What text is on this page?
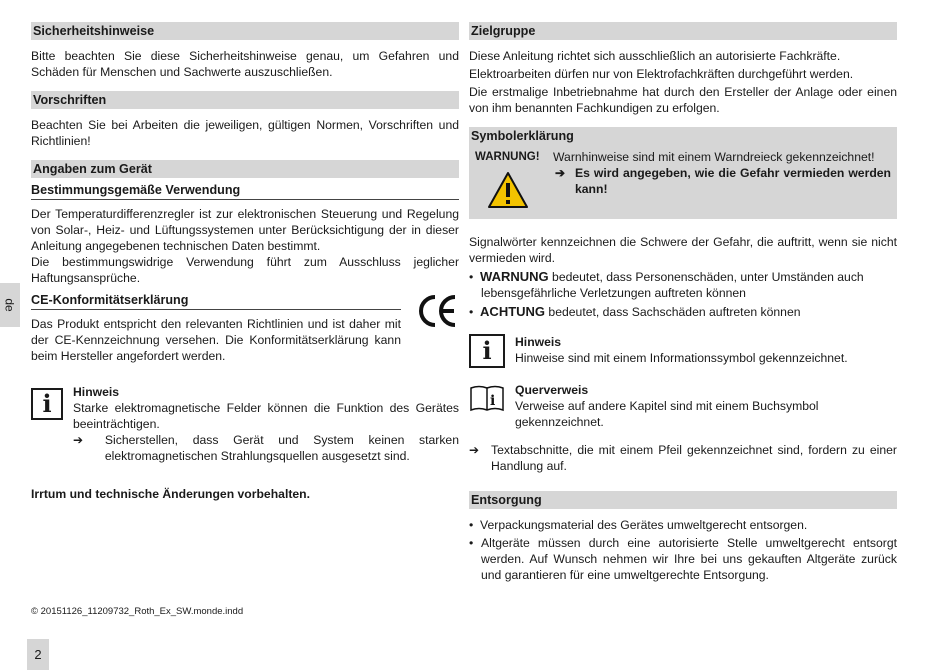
de
Sicherheitshinweise

Bitte beachten Sie diese Sicherheitshinweise genau, um Gefahren und Schäden für Menschen und Sachwerte auszuschließen.

Vorschriften

Beachten Sie bei Arbeiten die jeweiligen, gültigen Normen, Vorschriften und Richtlinien!

Angaben zum Gerät
Bestimmungsgemäße Verwendung

Der Temperaturdifferenzregler ist zur elektronischen Steuerung und Regelung von Solar-, Heiz- und Lüftungssystemen unter Berücksichtigung der in dieser Anleitung angegebenen technischen Daten bestimmt.

Die bestimmungswidrige Verwendung führt zum Ausschluss jeglicher Haftungsansprüche.

CE-Konformitätserklärung

Das Produkt entspricht den relevanten Richtlinien und ist daher mit der CE-Kennzeichnung versehen. Die Konformitätserklärung kann beim Hersteller angefordert werden.

i	Hinweis

Starke elektromagnetische Felder können die Funktion des Gerätes beeinträchtigen.

➔	Sicherstellen, dass Gerät und System keinen starken elektromagnetischen Strahlungsquellen ausgesetzt sind.

Irrtum und technische Änderungen vorbehalten.
Zielgruppe

Diese Anleitung richtet sich ausschließlich an autorisierte Fachkräfte.

Elektroarbeiten dürfen nur von Elektrofachkräften durchgeführt werden.

Die erstmalige Inbetriebnahme hat durch den Ersteller der Anlage oder einen von ihm benannten Fachkundigen zu erfolgen.

Symbolerklärung
WARNUNG! Warnhinweise sind mit einem Warndreieck gekennzeichnet!

➔ Es wird angegeben, wie die Gefahr vermieden werden kann!

Signalwörter kennzeichnen die Schwere der Gefahr, die auftritt, wenn sie nicht vermieden wird.

•  WARNUNG bedeutet, dass Personenschäden, unter Umständen auch lebensgefährliche Verletzungen auftreten können
•  ACHTUNG bedeutet, dass Sachschäden auftreten können
i	Hinweis
Hinweise sind mit einem Informationssymbol gekennzeichnet.
i
Querverweis
Verweise auf andere Kapitel sind mit einem Buchsymbol gekennzeichnet.
➔ Textabschnitte, die mit einem Pfeil gekennzeichnet sind, fordern zu einer Handlung auf.

Entsorgung
•  Verpackungsmaterial des Gerätes umweltgerecht entsorgen.
• Altgeräte müssen durch eine autorisierte Stelle umweltgerecht entsorgt werden. Auf Wunsch nehmen wir Ihre bei uns gekauften Altgeräte zurück und garantieren für eine umweltgerechte Entsorgung.

© 20151126_11209732_Roth_Ex_SW.monde.indd
2
